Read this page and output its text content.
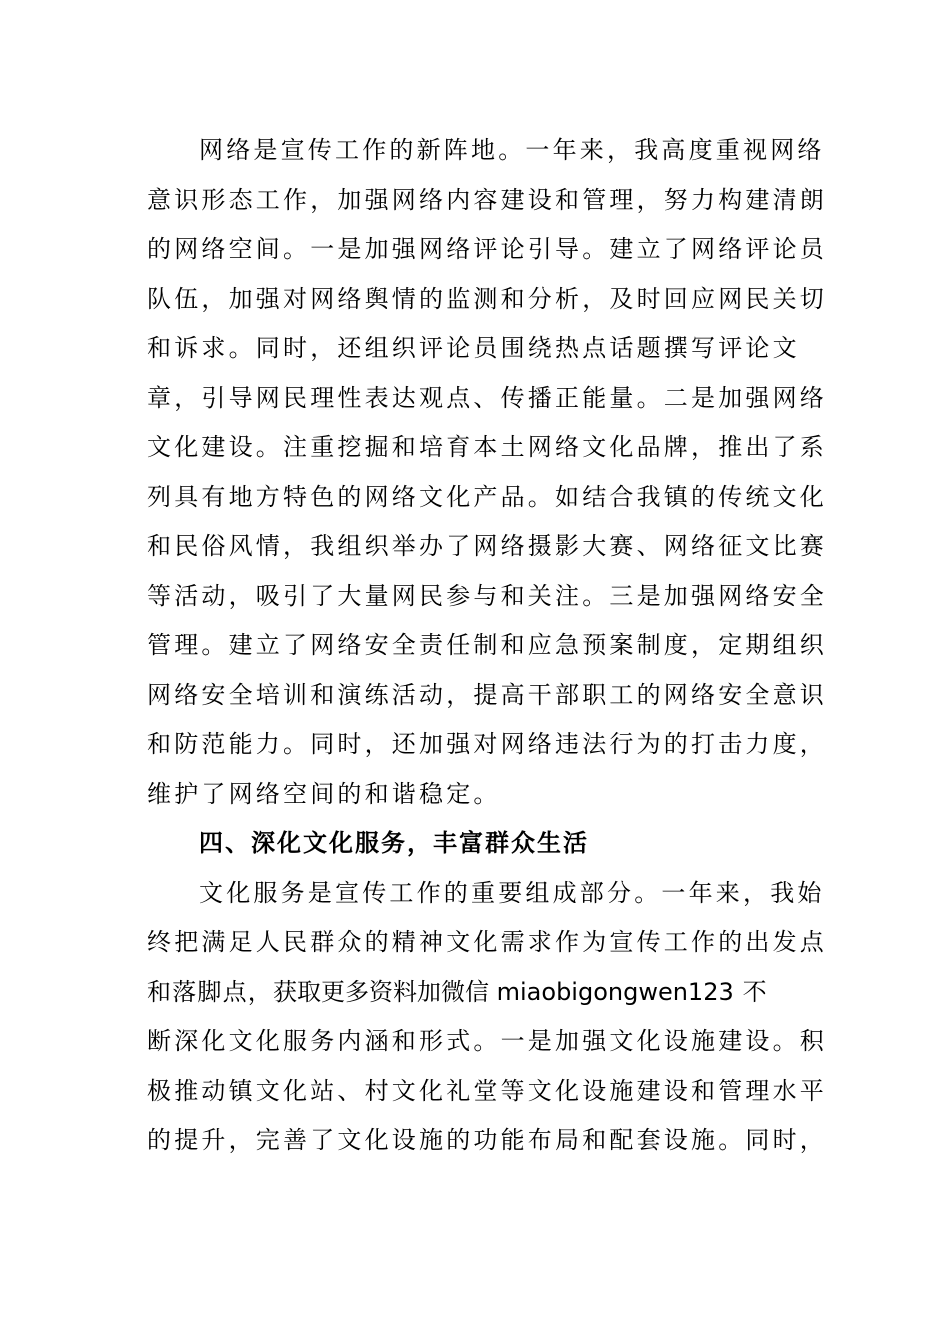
网络是宣传工作的新阵地。一年来，我高度重视网络
意识形态工作，加强网络内容建设和管理，努力构建清朗
的网络空间。一是加强网络评论引导。建立了网络评论员
队伍，加强对网络舆情的监测和分析，及时回应网民关切
和诉求。同时，还组织评论员围绕热点话题撰写评论文
章，引导网民理性表达观点、传播正能量。二是加强网络
文化建设。注重挖掘和培育本土网络文化品牌，推出了系
列具有地方特色的网络文化产品。如结合我镇的传统文化
和民俗风情，我组织举办了网络摄影大赛、网络征文比赛
等活动，吸引了大量网民参与和关注。三是加强网络安全
管理。建立了网络安全责任制和应急预案制度，定期组织
网络安全培训和演练活动，提高干部职工的网络安全意识
和防范能力。同时，还加强对网络违法行为的打击力度，
维护了网络空间的和谐稳定。
四、深化文化服务，丰富群众生活
文化服务是宣传工作的重要组成部分。一年来，我始
终把满足人民群众的精神文化需求作为宣传工作的出发点
和落脚点，获取更多资料加微信 miaobigongwen123 不
断深化文化服务内涵和形式。一是加强文化设施建设。积
极推动镇文化站、村文化礼堂等文化设施建设和管理水平
的提升，完善了文化设施的功能布局和配套设施。同时，
